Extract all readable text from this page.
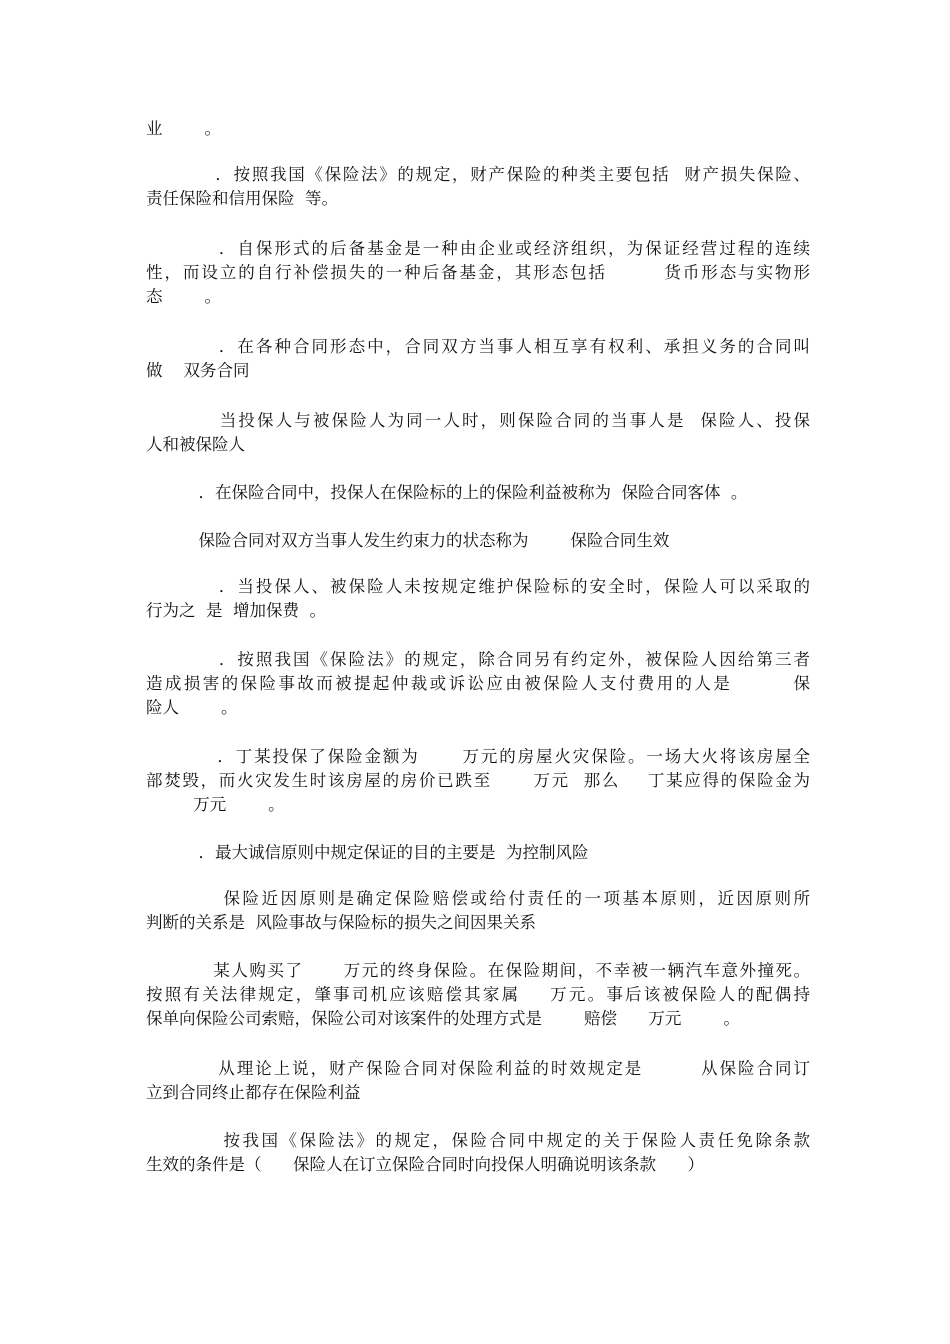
业        。
．按照我国《保险法》的规定，财产保险的种类主要包括  财产损失保险、
责任保险和信用保险  等。
．自保形式的后备基金是一种由企业或经济组织，为保证经营过程的连续
性，而设立的自行补偿损失的一种后备基金，其形态包括        货币形态与实物形
态        。
．在各种合同形态中，合同双方当事人相互享有权利、承担义务的合同叫
做    双务合同
当投保人与被保险人为同一人时，则保险合同的当事人是  保险人、投保
人和被保险人
．在保险合同中，投保人在保险标的上的保险利益被称为  保险合同客体  。
保险合同对双方当事人发生约束力的状态称为        保险合同生效
．当投保人、被保险人未按规定维护保险标的安全时，保险人可以采取的
行为之  是  增加保费  。
．按照我国《保险法》的规定，除合同另有约定外，被保险人因给第三者
造成损害的保险事故而被提起仲裁或诉讼应由被保险人支付费用的人是        保
险人        。
．丁某投保了保险金额为      万元的房屋火灾保险。一场大火将该房屋全
部焚毁，而火灾发生时该房屋的房价已跌至      万元  那么    丁某应得的保险金为
万元        。
．最大诚信原则中规定保证的目的主要是  为控制风险
保险近因原则是确定保险赔偿或给付责任的一项基本原则，近因原则所
判断的关系是  风险事故与保险标的损失之间因果关系
某人购买了      万元的终身保险。在保险期间，不幸被一辆汽车意外撞死。
按照有关法律规定，肇事司机应该赔偿其家属    万元。事后该被保险人的配偶持
保单向保险公司索赔，保险公司对该案件的处理方式是        赔偿      万元        。
从理论上说，财产保险合同对保险利益的时效规定是        从保险合同订
立到合同终止都存在保险利益
按我国《保险法》的规定，保险合同中规定的关于保险人责任免除条款
生效的条件是（      保险人在订立保险合同时向投保人明确说明该条款      ）
